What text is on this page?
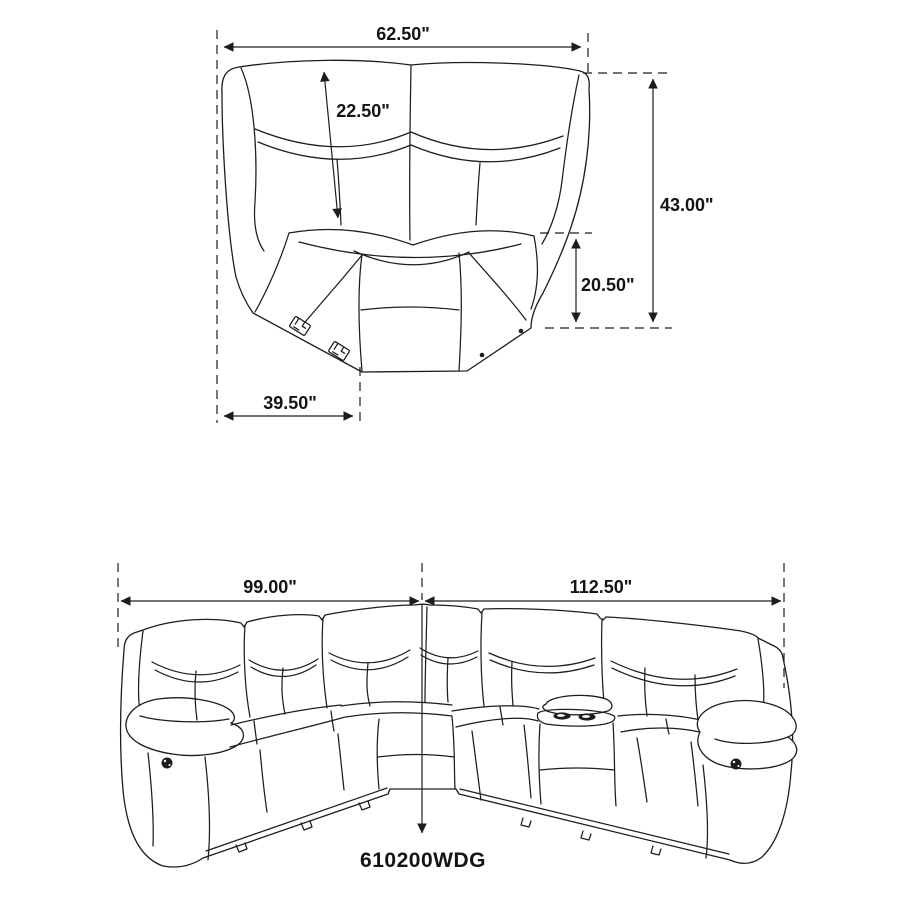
62.50"
22.50"
43.00"
20.50"
39.50"
99.00"	112.50"
610200WDG
